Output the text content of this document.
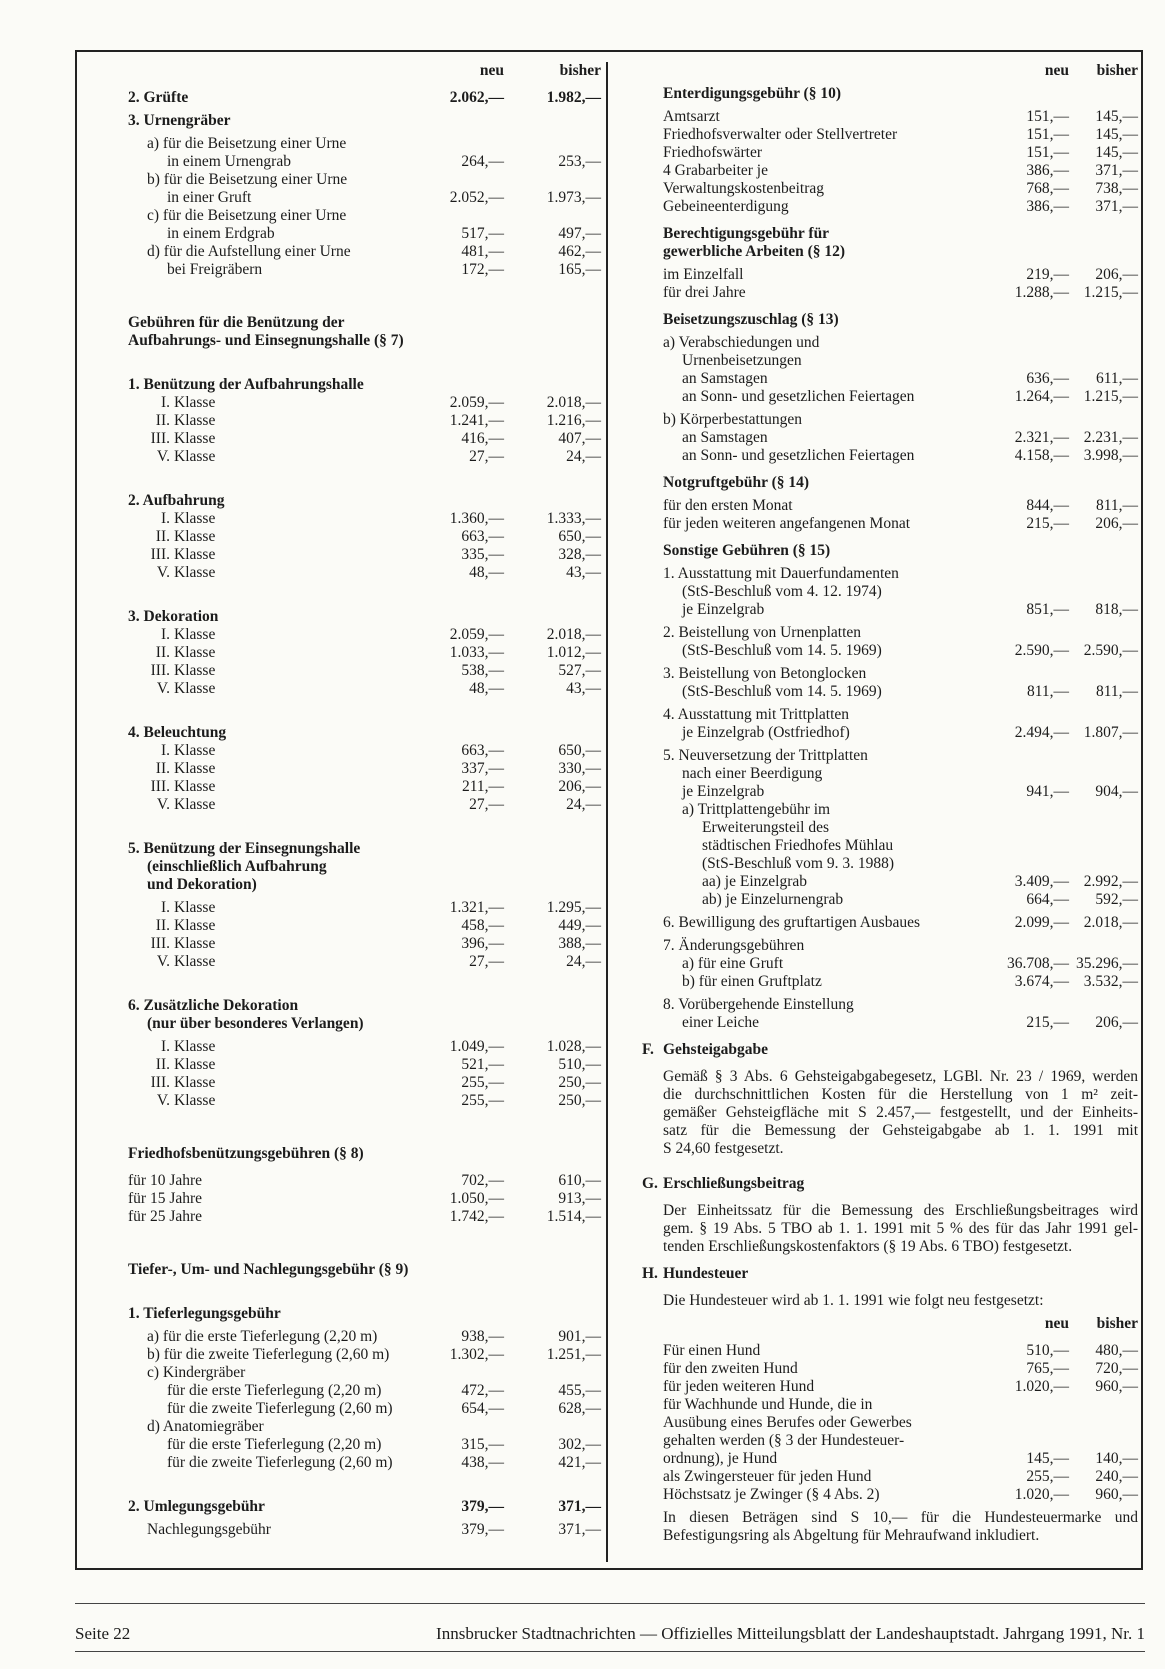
neu	bisher
2. Grüfte	2.062,—	1.982,—
3. Urnengräber
a) für die Beisetzung einer Urne
in einem Urnengrab	264,—	253,—
b) für die Beisetzung einer Urne
in einer Gruft	2.052,—	1.973,—
c) für die Beisetzung einer Urne
in einem Erdgrab	517,—	497,—
d) für die Aufstellung einer Urne	481,—	462,—
bei Freigräbern	172,—	165,—
Gebühren für die Benützung der
Aufbahrungs- und Einsegnungshalle (§ 7)
1. Benützung der Aufbahrungshalle
I. Klasse	2.059,—	2.018,—
II. Klasse	1.241,—	1.216,—
III. Klasse	416,—	407,—
V. Klasse	27,—	24,—
2. Aufbahrung
I. Klasse	1.360,—	1.333,—
II. Klasse	663,—	650,—
III. Klasse	335,—	328,—
V. Klasse	48,—	43,—
3. Dekoration
I. Klasse	2.059,—	2.018,—
II. Klasse	1.033,—	1.012,—
III. Klasse	538,—	527,—
V. Klasse	48,—	43,—
4. Beleuchtung
I. Klasse	663,—	650,—
II. Klasse	337,—	330,—
III. Klasse	211,—	206,—
V. Klasse	27,—	24,—
5. Benützung der Einsegnungshalle
(einschließlich Aufbahrung
und Dekoration)
I. Klasse	1.321,—	1.295,—
II. Klasse	458,—	449,—
III. Klasse	396,—	388,—
V. Klasse	27,—	24,—
6. Zusätzliche Dekoration
(nur über besonderes Verlangen)
I. Klasse	1.049,—	1.028,—
II. Klasse	521,—	510,—
III. Klasse	255,—	250,—
V. Klasse	255,—	250,—
Friedhofsbenützungsgebühren (§ 8)
für 10 Jahre	702,—	610,—
für 15 Jahre	1.050,—	913,—
für 25 Jahre	1.742,—	1.514,—
Tiefer-, Um- und Nachlegungsgebühr (§ 9)
1. Tieferlegungsgebühr
a) für die erste Tieferlegung (2,20 m)	938,—	901,—
b) für die zweite Tieferlegung (2,60 m)	1.302,—	1.251,—
c) Kindergräber
für die erste Tieferlegung (2,20 m)	472,—	455,—
für die zweite Tieferlegung (2,60 m)	654,—	628,—
d) Anatomiegräber
für die erste Tieferlegung (2,20 m)	315,—	302,—
für die zweite Tieferlegung (2,60 m)	438,—	421,—
2. Umlegungsgebühr	379,—	371,—
Nachlegungsgebühr	379,—	371,—
neu bisher
Enterdigungsgebühr (§ 10)
Amtsarzt	151,— 145,—
Friedhofsverwalter oder Stellvertreter	151,— 145,—
Friedhofswärter	151,— 145,—
4 Grabarbeiter je	386,— 371,—
Verwaltungskostenbeitrag	768,— 738,—
Gebeineenterdigung	386,— 371,—
Berechtigungsgebühr für
gewerbliche Arbeiten (§ 12)
im Einzelfall	219,— 206,—
für drei Jahre	1.288,— 1.215,—
Beisetzungszuschlag (§ 13)
a) Verabschiedungen und
Urnenbeisetzungen
an Samstagen	636,— 611,—
an Sonn- und gesetzlichen Feiertagen	1.264,— 1.215,—
b) Körperbestattungen
an Samstagen	2.321,— 2.231,—
an Sonn- und gesetzlichen Feiertagen	4.158,— 3.998,—
Notgruftgebühr (§ 14)
für den ersten Monat	844,— 811,—
für jeden weiteren angefangenen Monat	215,— 206,—
Sonstige Gebühren (§ 15)
1. Ausstattung mit Dauerfundamenten
(StS-Beschluß vom 4. 12. 1974)
je Einzelgrab	851,— 818,—
2. Beistellung von Urnenplatten
(StS-Beschluß vom 14. 5. 1969)	2.590,— 2.590,—
3. Beistellung von Betonglocken
(StS-Beschluß vom 14. 5. 1969)	811,— 811,—
4. Ausstattung mit Trittplatten
je Einzelgrab (Ostfriedhof)	2.494,— 1.807,—
5. Neuversetzung der Trittplatten
nach einer Beerdigung
je Einzelgrab	941,— 904,—
a) Trittplattengebühr im
Erweiterungsteil des
städtischen Friedhofes Mühlau
(StS-Beschluß vom 9. 3. 1988)
aa) je Einzelgrab	3.409,— 2.992,—
ab) je Einzelurnengrab	664,— 592,—
6. Bewilligung des gruftartigen Ausbaues	2.099,— 2.018,—
7. Änderungsgebühren
a) für eine Gruft	36.708,— 35.296,—
b) für einen Gruftplatz	3.674,— 3.532,—
8. Vorübergehende Einstellung
einer Leiche	215,— 206,—
F. Gehsteigabgabe
Gemäß § 3 Abs. 6 Gehsteigabgabegesetz, LGBl. Nr. 23 / 1969, werden
die durchschnittlichen Kosten für die Herstellung von 1 m² zeit-
gemäßer Gehsteigfläche mit S 2.457,— festgestellt, und der Einheits-
satz für die Bemessung der Gehsteigabgabe ab 1. 1. 1991 mit
S 24,60 festgesetzt.
G. Erschließungsbeitrag
Der Einheitssatz für die Bemessung des Erschließungsbeitrages wird
gem. § 19 Abs. 5 TBO ab 1. 1. 1991 mit 5 % des für das Jahr 1991 gel-
tenden Erschließungskostenfaktors (§ 19 Abs. 6 TBO) festgesetzt.
H. Hundesteuer
Die Hundesteuer wird ab 1. 1. 1991 wie folgt neu festgesetzt:
neu bisher
Für einen Hund	510,— 480,—
für den zweiten Hund	765,— 720,—
für jeden weiteren Hund	1.020,— 960,—
für Wachhunde und Hunde, die in
Ausübung eines Berufes oder Gewerbes
gehalten werden (§ 3 der Hundesteuer-
ordnung), je Hund	145,— 140,—
als Zwingersteuer für jeden Hund	255,— 240,—
Höchstsatz je Zwinger (§ 4 Abs. 2)	1.020,— 960,—
In diesen Beträgen sind S 10,— für die Hundesteuermarke und
Befestigungsring als Abgeltung für Mehraufwand inkludiert.
Seite 22	Innsbrucker Stadtnachrichten — Offizielles Mitteilungsblatt der Landeshauptstadt. Jahrgang 1991, Nr. 1
